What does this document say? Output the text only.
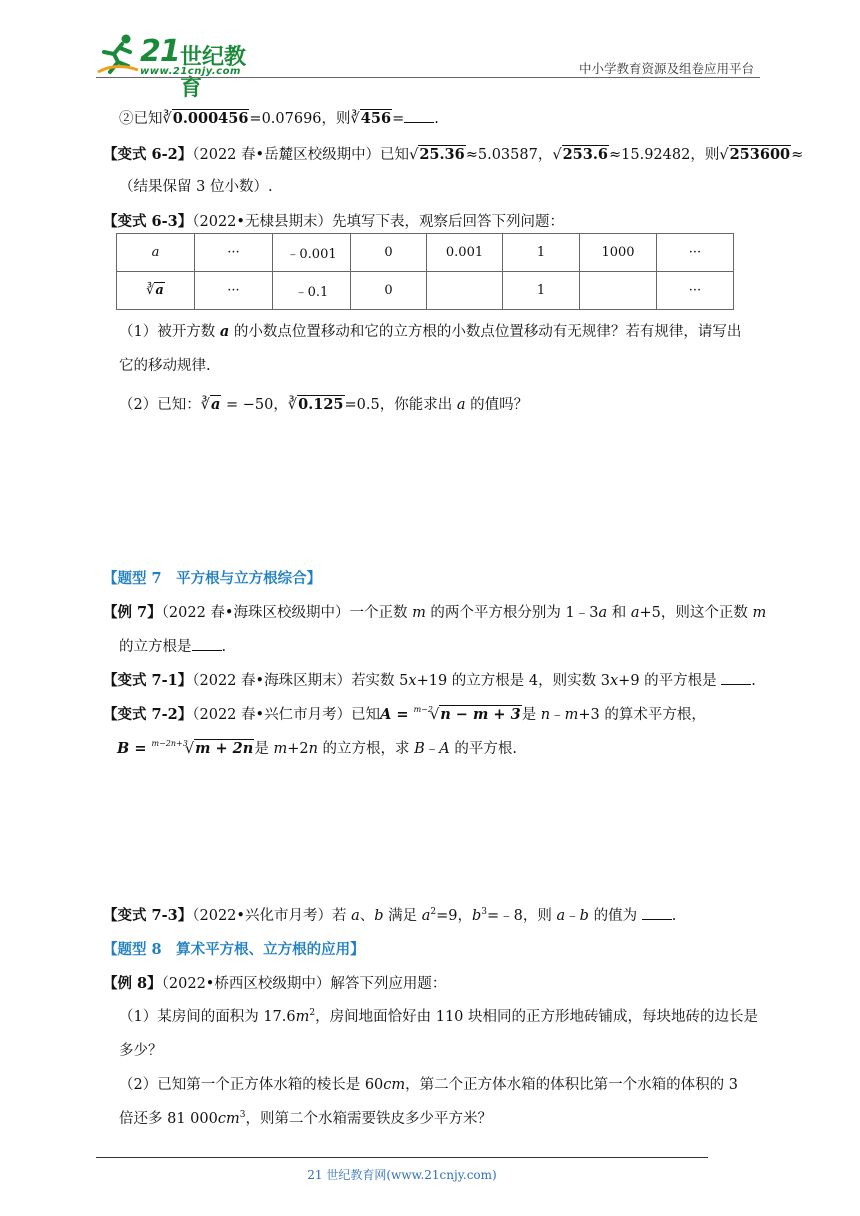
21 世纪教育
www.21cnjy.com	中小学教育资源及组卷应用平台
②已知∛0.000456=0.07696，则∛456= .
【变式 6-2】（2022 春•岳麓区校级期中）已知√25.36≈5.03587，√253.6≈15.92482，则√253600≈
（结果保留 3 位小数）.
【变式 6-3】（2022•无棣县期末）先填写下表，观察后回答下列问题：
a	···	﹣0.001	0	0.001	1	1000	···
∛a	···	﹣0.1	0		1		···
（1）被开方数 a 的小数点位置移动和它的立方根的小数点位置移动有无规律？若有规律，请写出
它的移动规律.
（2）已知：∛a = −50，∛0.125=0.5，你能求出 a 的值吗？
【题型 7　平方根与立方根综合】
【例 7】（2022 春•海珠区校级期中）一个正数 m 的两个平方根分别为 1﹣3a 和 a+5，则这个正数 m
的立方根是 .
【变式 7-1】（2022 春•海珠区期末）若实数 5x+19 的立方根是 4，则实数 3x+9 的平方根是 .
【变式 7-2】（2022 春•兴仁市月考）已知A = $^{m-2}$√n − m + 3是 n﹣m+3 的算术平方根，
B = $^{m-2n+3}$√m + 2n是 m+2n 的立方根，求 B﹣A 的平方根.
【变式 7-3】（2022•兴化市月考）若 a、b 满足 $a^2=9$，$b^3=﹣8$，则 a﹣b 的值为 .
【题型 8　算术平方根、立方根的应用】
【例 8】（2022•桥西区校级期中）解答下列应用题：
（1）某房间的面积为 $17.6m^2$，房间地面恰好由 110 块相同的正方形地砖铺成，每块地砖的边长是
多少？
（2）已知第一个正方体水箱的棱长是 60cm，第二个正方体水箱的体积比第一个水箱的体积的 3
倍还多 81 $000cm^3$，则第二个水箱需要铁皮多少平方米？
21 世纪教育网(www.21cnjy.com)
